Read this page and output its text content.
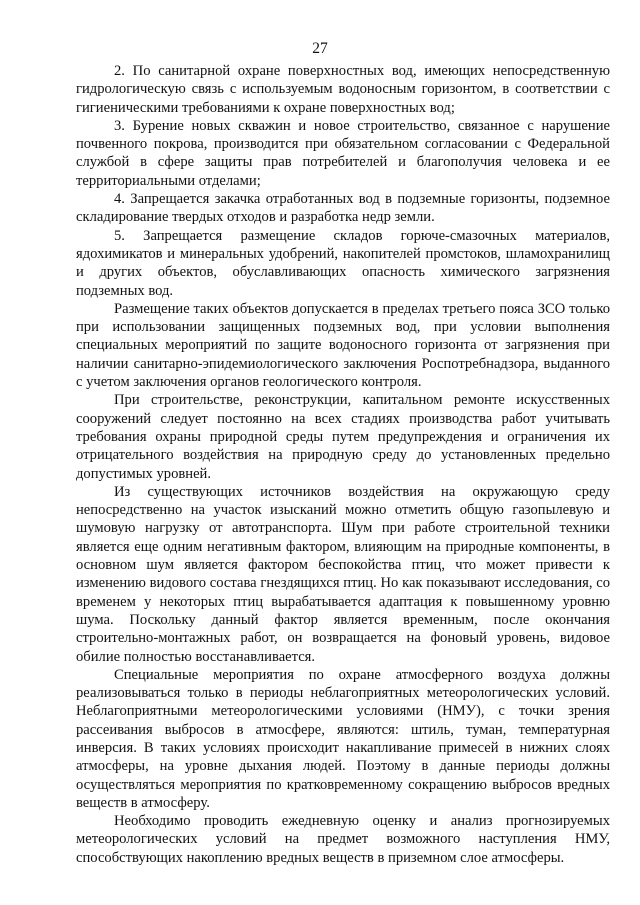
27

2. По санитарной охране поверхностных вод, имеющих непосредственную гидрологическую связь с используемым водоносным горизонтом, в соответствии с гигиеническими требованиями к охране поверхностных вод;

3. Бурение новых скважин и новое строительство, связанное с нарушение почвенного покрова, производится при обязательном согласовании с Федеральной службой в сфере защиты прав потребителей и благополучия человека и ее территориальными отделами;

4. Запрещается закачка отработанных вод в подземные горизонты, подземное складирование твердых отходов и разработка недр земли.

5. Запрещается размещение складов горюче-смазочных материалов, ядохимикатов и минеральных удобрений, накопителей промстоков, шламохранилищ и других объектов, обуславливающих опасность химического загрязнения подземных вод.

Размещение таких объектов допускается в пределах третьего пояса ЗСО только при использовании защищенных подземных вод, при условии выполнения специальных мероприятий по защите водоносного горизонта от загрязнения при наличии санитарно-эпидемиологического заключения Роспотребнадзора, выданного с учетом заключения органов геологического контроля.

При строительстве, реконструкции, капитальном ремонте искусственных сооружений следует постоянно на всех стадиях производства работ учитывать требования охраны природной среды путем предупреждения и ограничения их отрицательного воздействия на природную среду до установленных предельно допустимых уровней.

Из существующих источников воздействия на окружающую среду непосредственно на участок изысканий можно отметить общую газопылевую и шумовую нагрузку от автотранспорта. Шум при работе строительной техники является еще одним негативным фактором, влияющим на природные компоненты, в основном шум является фактором беспокойства птиц, что может привести к изменению видового состава гнездящихся птиц. Но как показывают исследования, со временем у некоторых птиц вырабатывается адаптация к повышенному уровню шума. Поскольку данный фактор является временным, после окончания строительно-монтажных работ, он возвращается на фоновый уровень, видовое обилие полностью восстанавливается.

Специальные мероприятия по охране атмосферного воздуха должны реализовываться только в периоды неблагоприятных метеорологических условий. Неблагоприятными метеорологическими условиями (НМУ), с точки зрения рассеивания выбросов в атмосфере, являются: штиль, туман, температурная инверсия. В таких условиях происходит накапливание примесей в нижних слоях атмосферы, на уровне дыхания людей. Поэтому в данные периоды должны осуществляться мероприятия по кратковременному сокращению выбросов вредных веществ в атмосферу.

Необходимо проводить ежедневную оценку и анализ прогнозируемых метеорологических условий на предмет возможного наступления НМУ, способствующих накоплению вредных веществ в приземном слое атмосферы.
